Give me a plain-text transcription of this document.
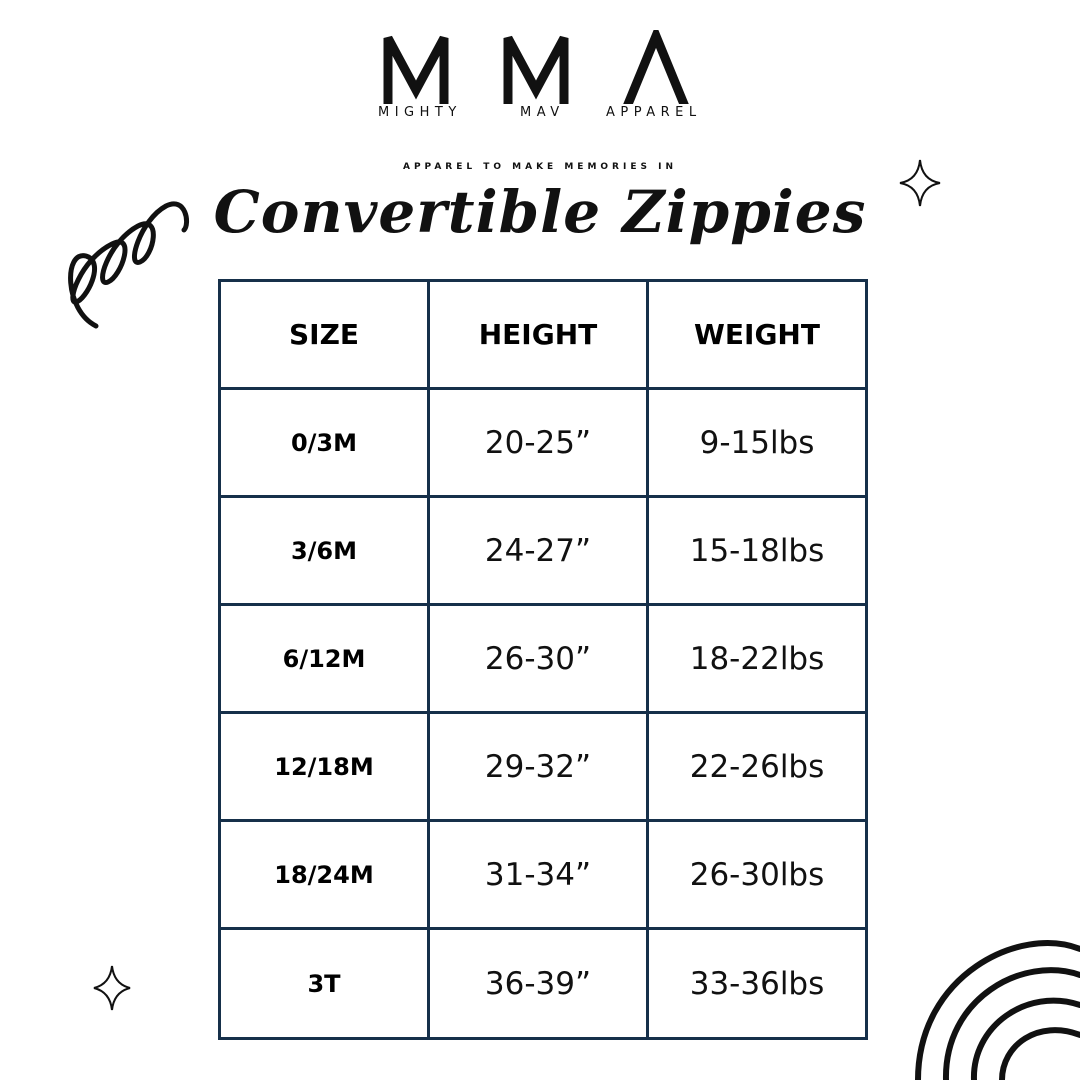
MIGHTY	MAV	APPAREL
APPAREL TO MAKE MEMORIES IN
Convertible Zippies
SIZE	HEIGHT	WEIGHT
0/3M	20-25”	9-15lbs
3/6M	24-27”	15-18lbs
6/12M	26-30”	18-22lbs
12/18M	29-32”	22-26lbs
18/24M	31-34”	26-30lbs
3T	36-39”	33-36lbs
